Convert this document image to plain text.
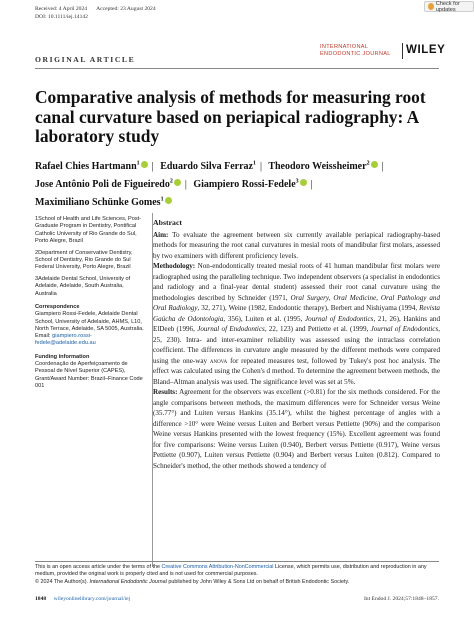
Received: 4 April 2024 Accepted: 23 August 2024
DOI: 10.1111/iej.14142
Check for updates
ORIGINAL ARTICLE
INTERNATIONAL
ENDODONTIC JOURNAL WILEY
Comparative analysis of methods for measuring root canal curvature based on periapical radiography: A laboratory study
Rafael Chies Hartmann$^1$ | Eduardo Silva Ferraz$^1$ | Theodoro Weissheimer$^2$ |
Jose Antônio Poli de Figueiredo$^2$ | Giampiero Rossi-Fedele$^3$ |
Maximiliano Schünke Gomes$^1$

1School of Health and Life Sciences, Post-Graduate Program in Dentistry, Pontifical Catholic University of Rio Grande do Sul, Porto Alegre, Brazil

2Department of Conservative Dentistry, School of Dentistry, Rio Grande do Sul Federal University, Porto Alegre, Brazil

3Adelaide Dental School, University of Adelaide, Adelaide, South Australia, Australia

Correspondence

Giampiero Rossi-Fedele, Adelaide Dental School, University of Adelaide, AHMS, L10, North Terrace, Adelaide, SA 5005, Australia.

Email: giampiero.rossi-fedele@adelaide.edu.au

Funding information

Coordenação de Aperfeiçoamento de Pessoal de Nível Superior (CAPES), Grant/Award Number: Brazil–Finance Code 001

Abstract

Aim: To evaluate the agreement between six currently available periapical radiography-based methods for measuring the root canal curvatures in mesial roots of mandibular first molars, assessed by two examiners with different proficiency levels.

Methodology: Non-endodontically treated mesial roots of 41 human mandibular first molars were radiographed using the paralleling technique. Two independent observers (a specialist in endodontics and radiology and a final-year dental student) assessed their root canal curvature using the methodologies described by Schneider (1971, Oral Surgery, Oral Medicine, Oral Pathology and Oral Radiology, 32, 271), Weine (1982, Endodontic therapy), Berbert and Nishiyama (1994, Revista Gaúcha de Odontologia, 356), Luiten et al. (1995, Journal of Endodontics, 21, 26), Hankins and ElDeeb (1996, Journal of Endodontics, 22, 123) and Pettiette et al. (1999, Journal of Endodontics, 25, 230). Intra- and inter-examiner reliability was assessed using the intraclass correlation coefficient. The differences in curvature angle measured by the different methods were compared using the one-way anova for repeated measures test, followed by Tukey's post hoc analysis. The effect was calculated using the Cohen's d method. To determine the agreement between methods, the Bland–Altman analysis was used. The significance level was set at 5%.

Results: Agreement for the observers was excellent (>0.81) for the six methods considered. For the angle comparisons between methods, the maximum differences were for Schneider versus Weine (35.77°) and Luiten versus Hankins (35.14°), whilst the highest percentage of angles with a difference >10° were Weine versus Luiten and Berbert versus Pettiette (90%) and the comparison Weine versus Hankins presented with the lowest frequency (15%). Excellent agreement was found for five comparisons: Weine versus Luiten (0.940), Berbert versus Pettiette (0.917), Weine versus Pettiette (0.907), Luiten versus Pettiette (0.904) and Berbert versus Luiten (0.812). Compared to Schneider's method, the other methods showed a tendency of

This is an open access article under the terms of the Creative Commons Attribution-NonCommercial License, which permits use, distribution and reproduction in any medium, provided the original work is properly cited and is not used for commercial purposes.
© 2024 The Author(s). International Endodontic Journal published by John Wiley & Sons Ltd on behalf of British Endodontic Society.
1848 wileyonlinelibrary.com/journal/iej	Int Endod J. 2024;57:1848–1857.
